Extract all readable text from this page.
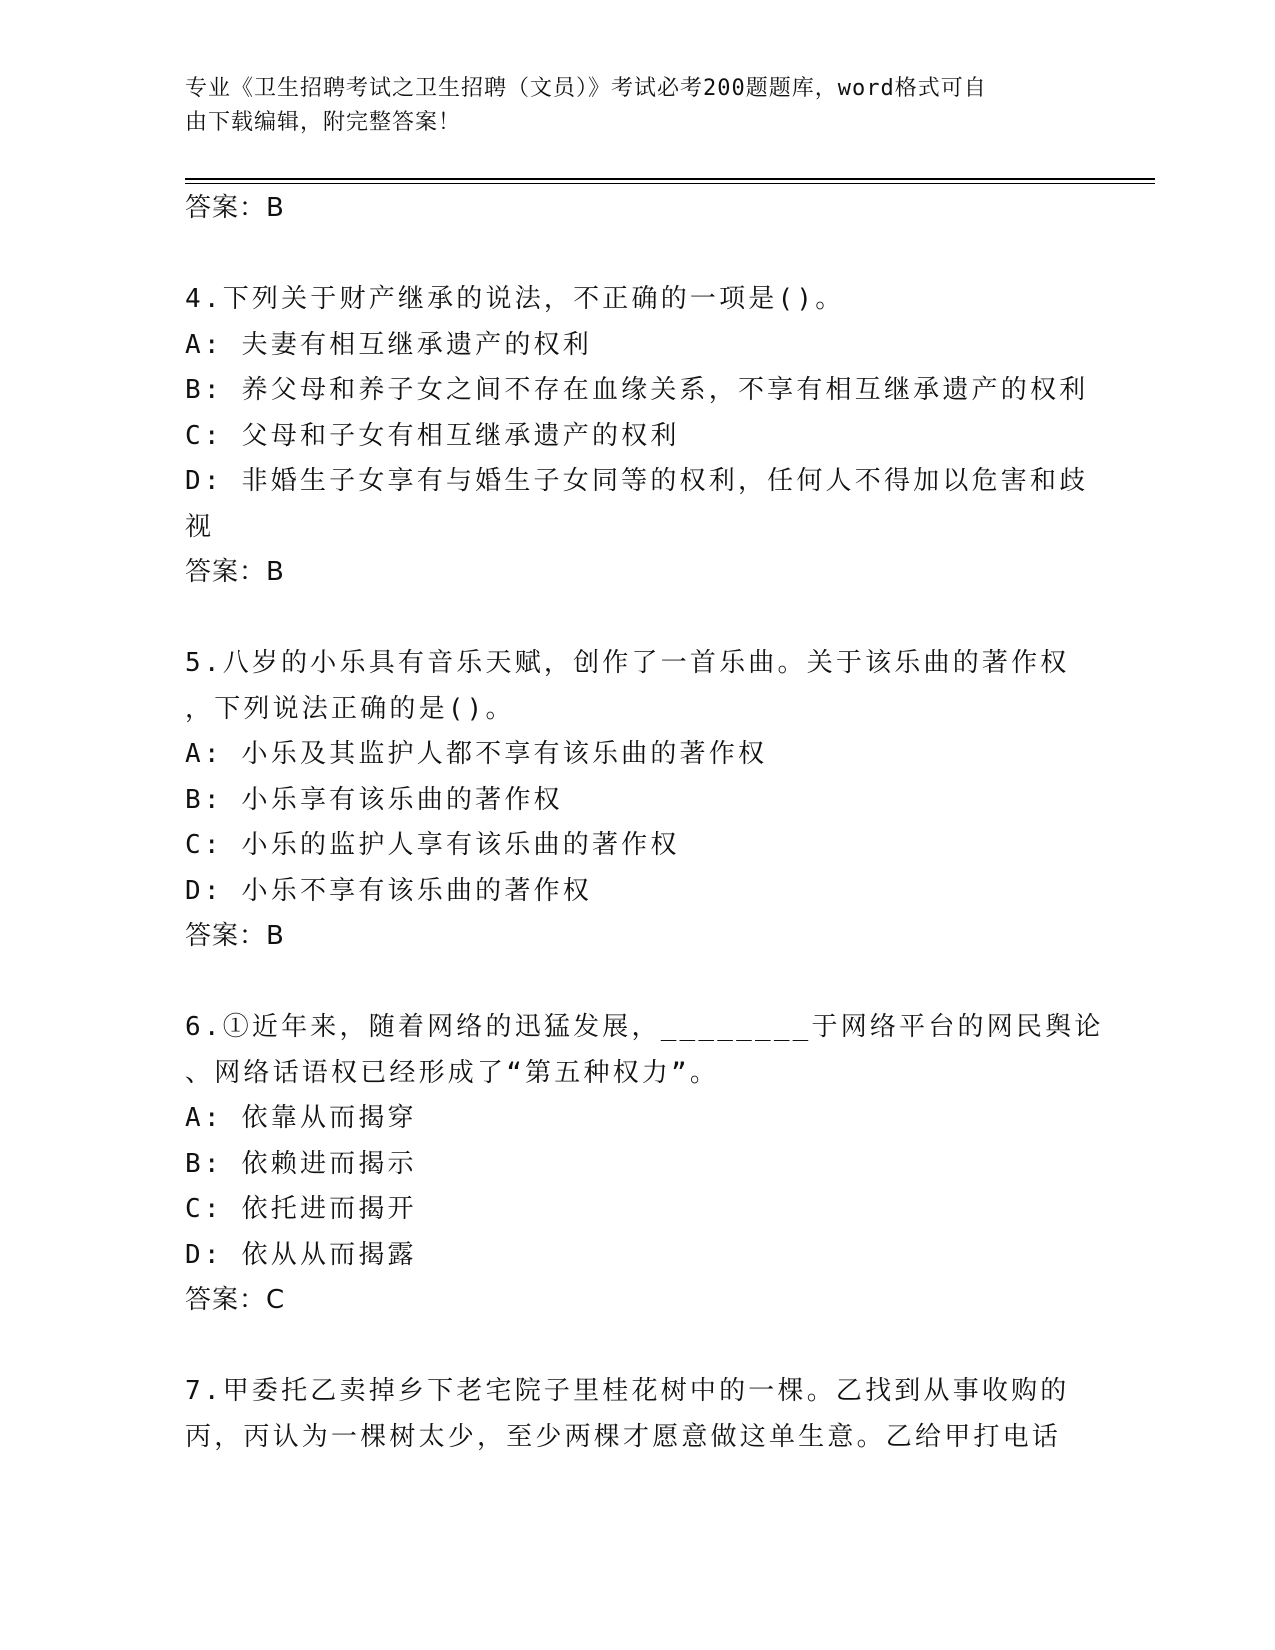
专业《卫生招聘考试之卫生招聘（文员）》考试必考200题题库，word格式可自
由下载编辑，附完整答案！
答案：B
4.下列关于财产继承的说法，不正确的一项是()。
A: 夫妻有相互继承遗产的权利
B: 养父母和养子女之间不存在血缘关系，不享有相互继承遗产的权利
C: 父母和子女有相互继承遗产的权利
D: 非婚生子女享有与婚生子女同等的权利，任何人不得加以危害和歧
视
答案：B
5.八岁的小乐具有音乐天赋，创作了一首乐曲。关于该乐曲的著作权
，下列说法正确的是()。
A: 小乐及其监护人都不享有该乐曲的著作权
B: 小乐享有该乐曲的著作权
C: 小乐的监护人享有该乐曲的著作权
D: 小乐不享有该乐曲的著作权
答案：B
6.①近年来，随着网络的迅猛发展，________于网络平台的网民舆论
、网络话语权已经形成了“第五种权力”。
A: 依靠从而揭穿
B: 依赖进而揭示
C: 依托进而揭开
D: 依从从而揭露
答案：C
7.甲委托乙卖掉乡下老宅院子里桂花树中的一棵。乙找到从事收购的
丙，丙认为一棵树太少，至少两棵才愿意做这单生意。乙给甲打电话
